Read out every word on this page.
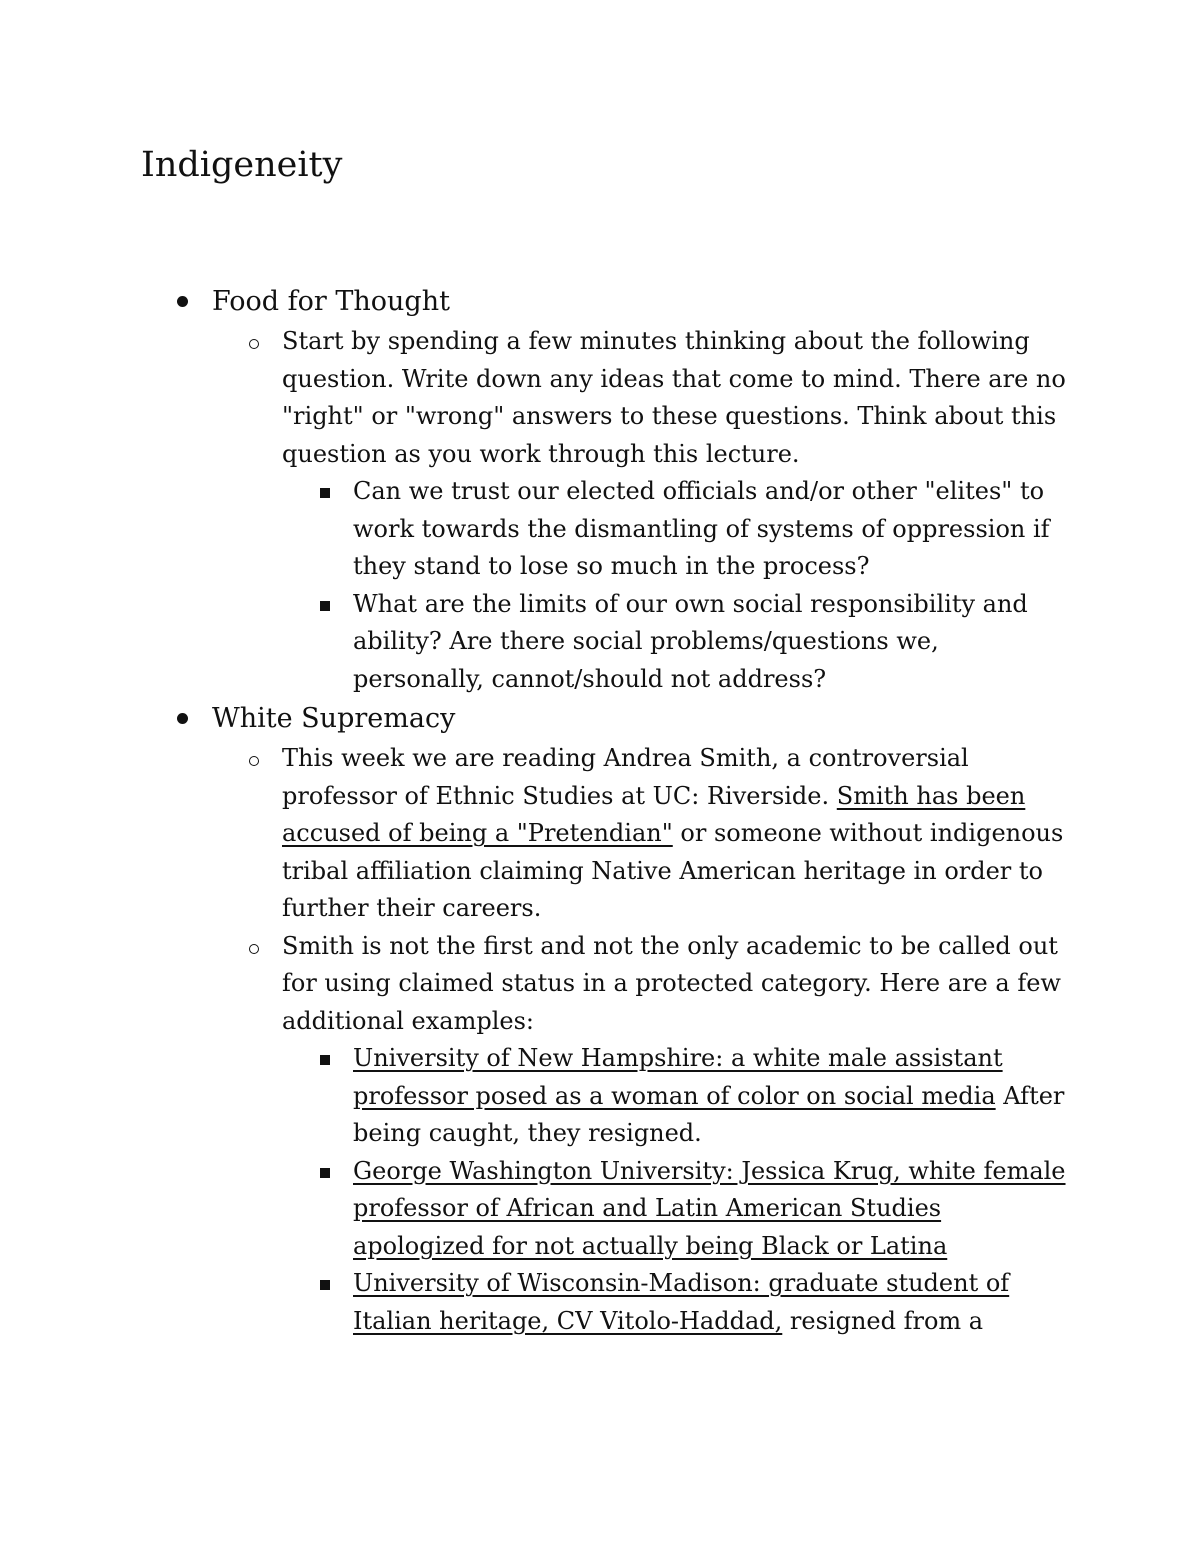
Indigeneity
Food for Thought
Start by spending a few minutes thinking about the following question. Write down any ideas that come to mind. There are no "right" or "wrong" answers to these questions. Think about this question as you work through this lecture.
Can we trust our elected officials and/or other "elites" to work towards the dismantling of systems of oppression if they stand to lose so much in the process?
What are the limits of our own social responsibility and ability? Are there social problems/questions we, personally, cannot/should not address?
White Supremacy
This week we are reading Andrea Smith, a controversial professor of Ethnic Studies at UC: Riverside. Smith has been accused of being a "Pretendian" or someone without indigenous tribal affiliation claiming Native American heritage in order to further their careers.
Smith is not the first and not the only academic to be called out for using claimed status in a protected category. Here are a few additional examples:
University of New Hampshire: a white male assistant professor posed as a woman of color on social media After being caught, they resigned.
George Washington University: Jessica Krug, white female professor of African and Latin American Studies apologized for not actually being Black or Latina
University of Wisconsin-Madison: graduate student of Italian heritage, CV Vitolo-Haddad, resigned from a
